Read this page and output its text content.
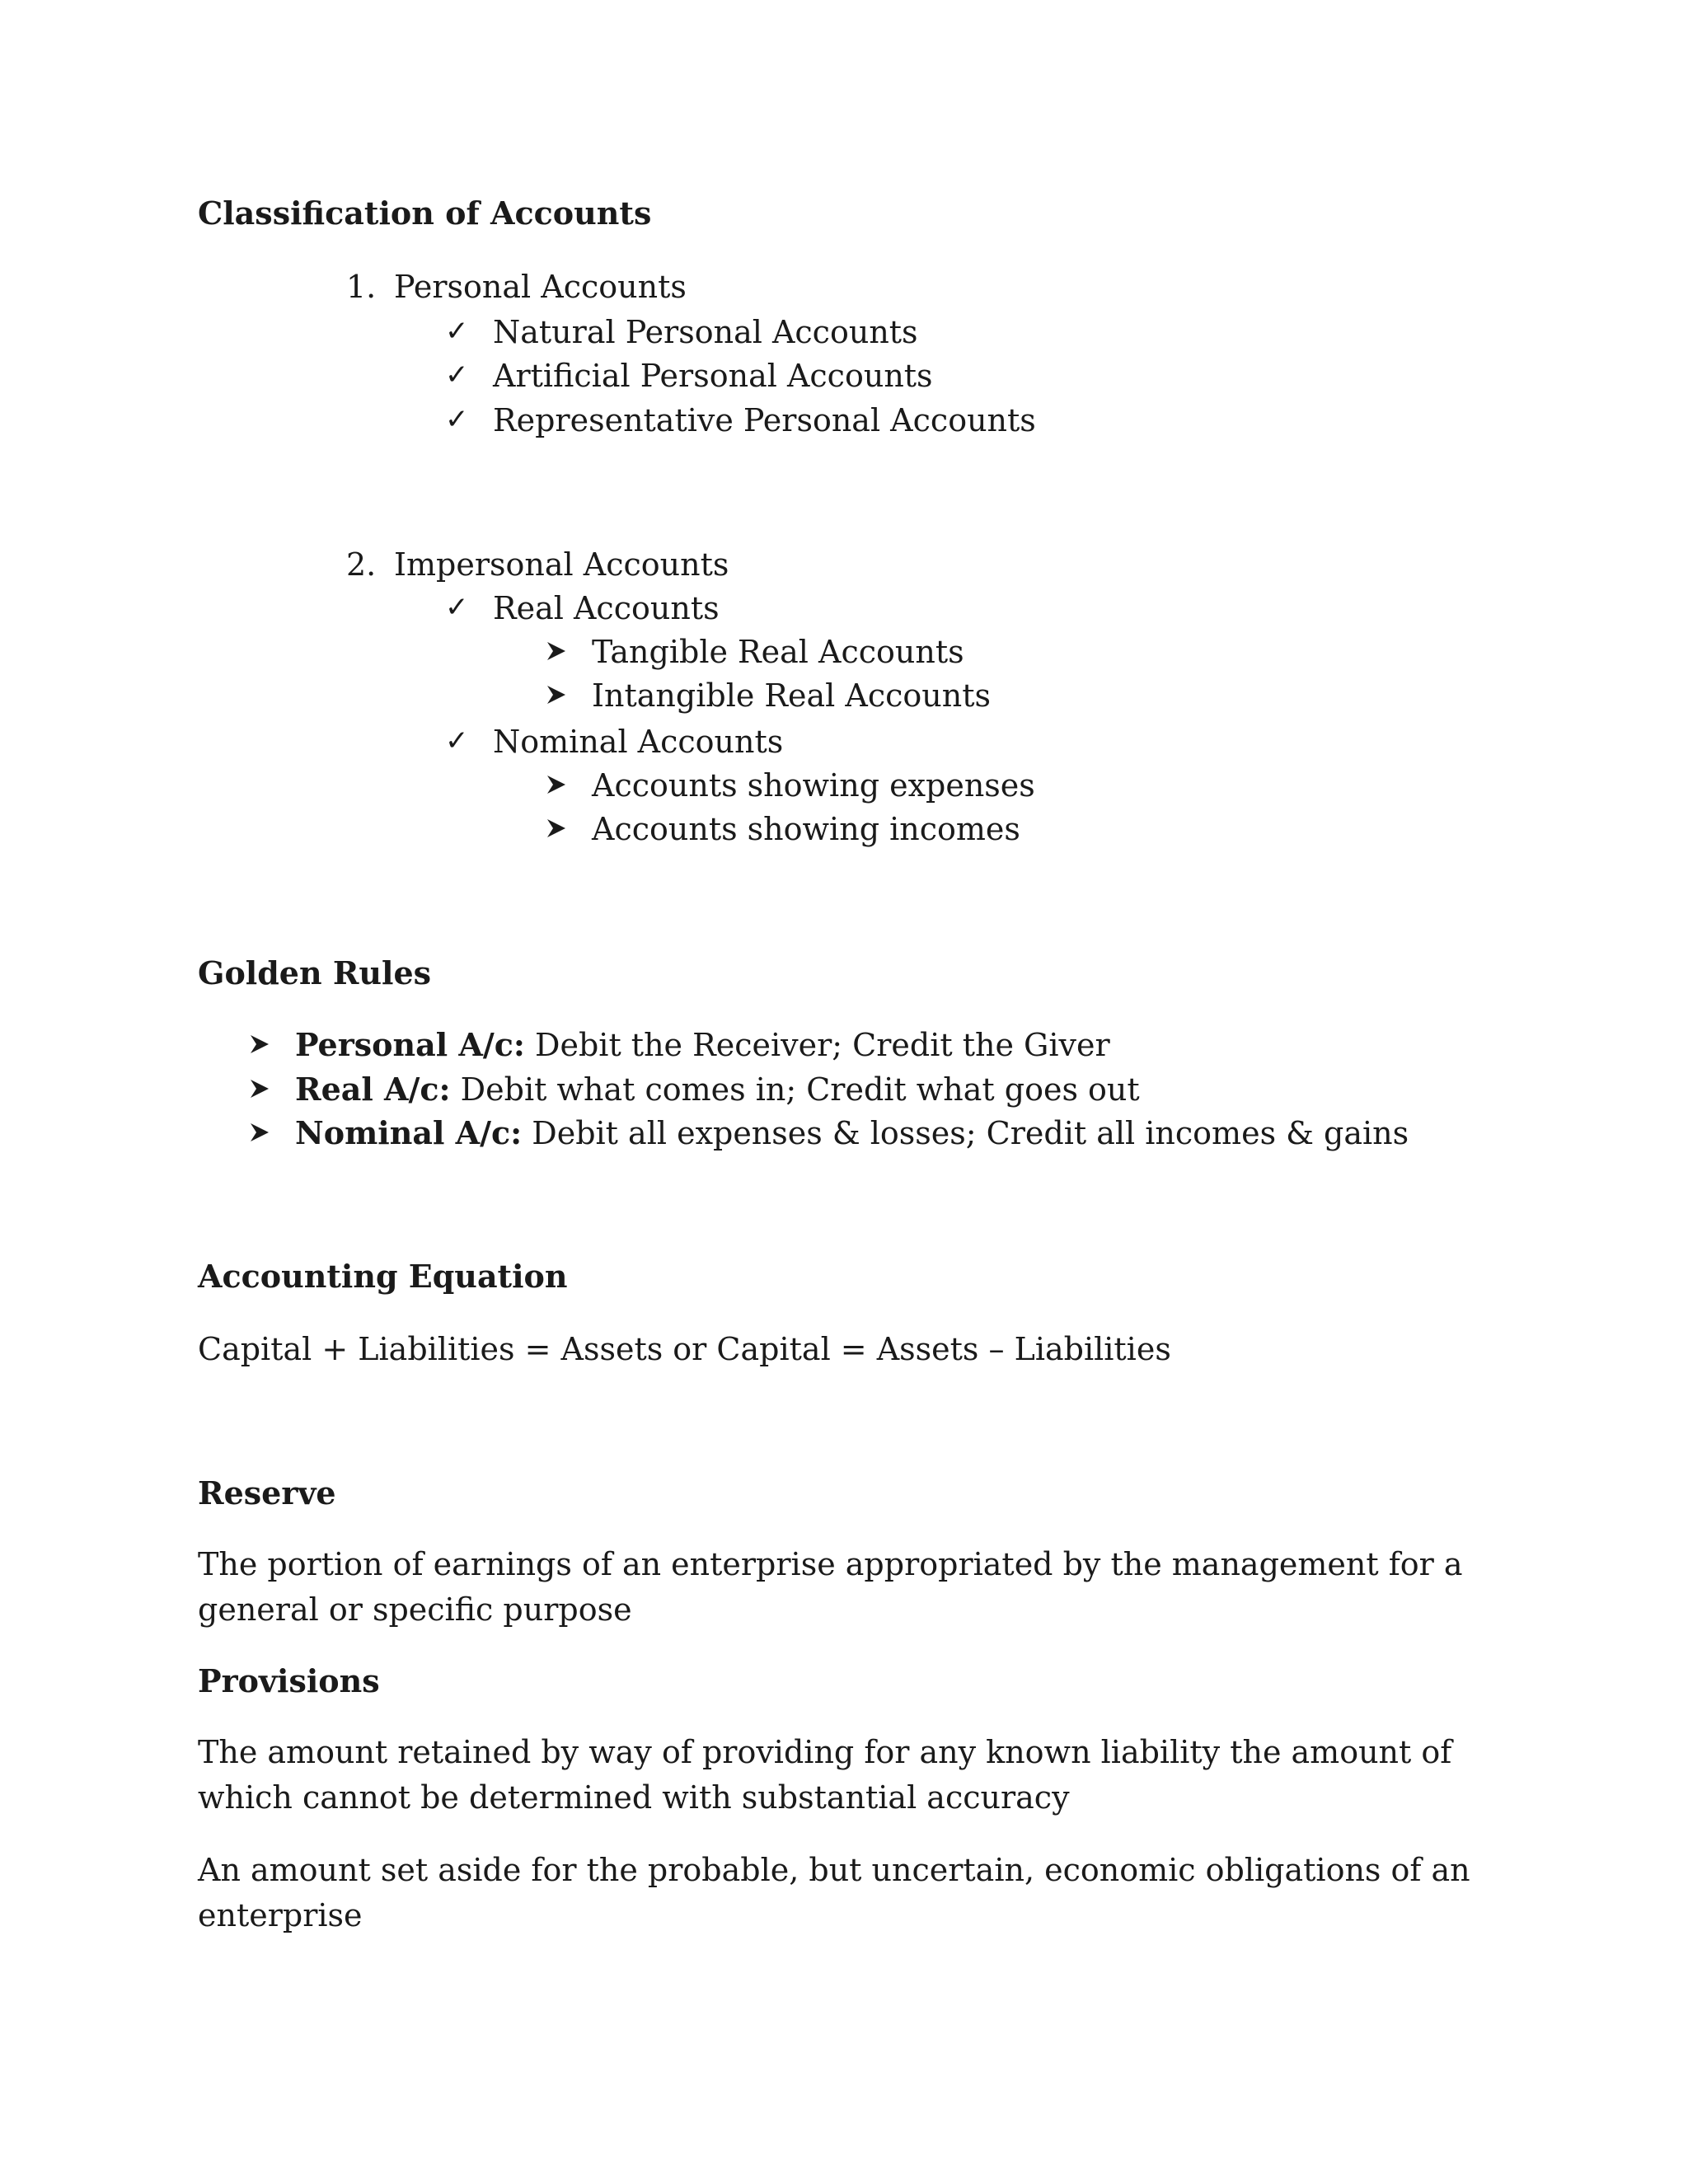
Classification of Accounts
1. Personal Accounts
✓ Natural Personal Accounts
✓ Artificial Personal Accounts
✓ Representative Personal Accounts
2. Impersonal Accounts
✓ Real Accounts
Tangible Real Accounts
Intangible Real Accounts
✓ Nominal Accounts
Accounts showing expenses
Accounts showing incomes
Golden Rules
Personal A/c: Debit the Receiver; Credit the Giver
Real A/c: Debit what comes in; Credit what goes out
Nominal A/c: Debit all expenses & losses; Credit all incomes & gains
Accounting Equation
Capital + Liabilities = Assets or Capital = Assets – Liabilities
Reserve
The portion of earnings of an enterprise appropriated by the management for a general or specific purpose
Provisions
The amount retained by way of providing for any known liability the amount of which cannot be determined with substantial accuracy
An amount set aside for the probable, but uncertain, economic obligations of an enterprise
